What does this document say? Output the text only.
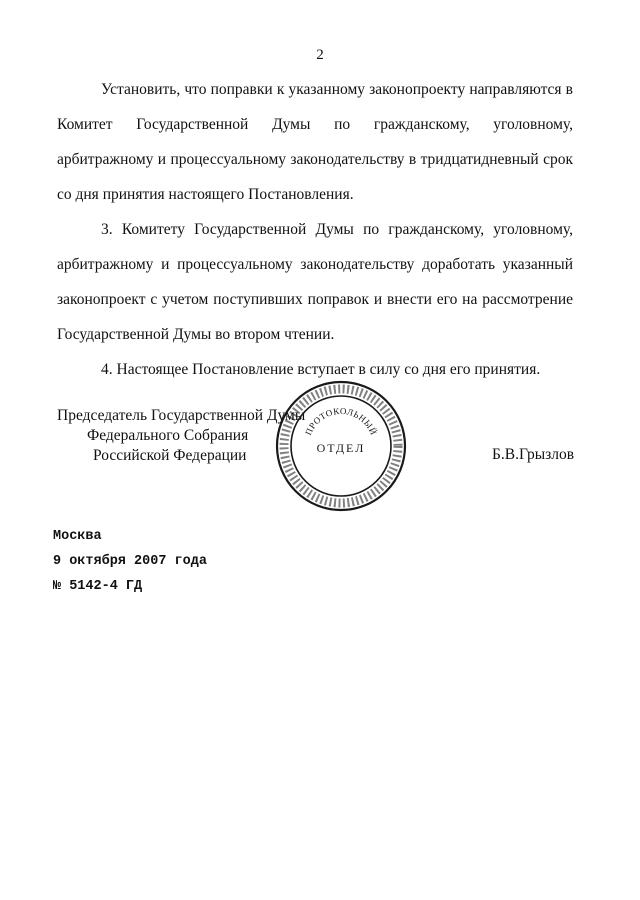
2

Установить, что поправки к указанному законопроекту направляются в Комитет Государственной Думы по гражданскому, уголовному, арбитражному и процессуальному законодательству в тридцатидневный срок со дня принятия настоящего Постановления.

3. Комитету Государственной Думы по гражданскому, уголовному, арбитражному и процессуальному законодательству доработать указанный законопроект с учетом поступивших поправок и внести его на рассмотрение Государственной Думы во втором чтении.

4. Настоящее Постановление вступает в силу со дня его принятия.

Председатель Государственной Думы
Федерального Собрания
Российской Федерации	Б.В.Грызлов
ПРОТОКОЛЬНЫЙ
ОТДЕЛ
Москва
9 октября 2007 года
№ 5142-4 ГД
